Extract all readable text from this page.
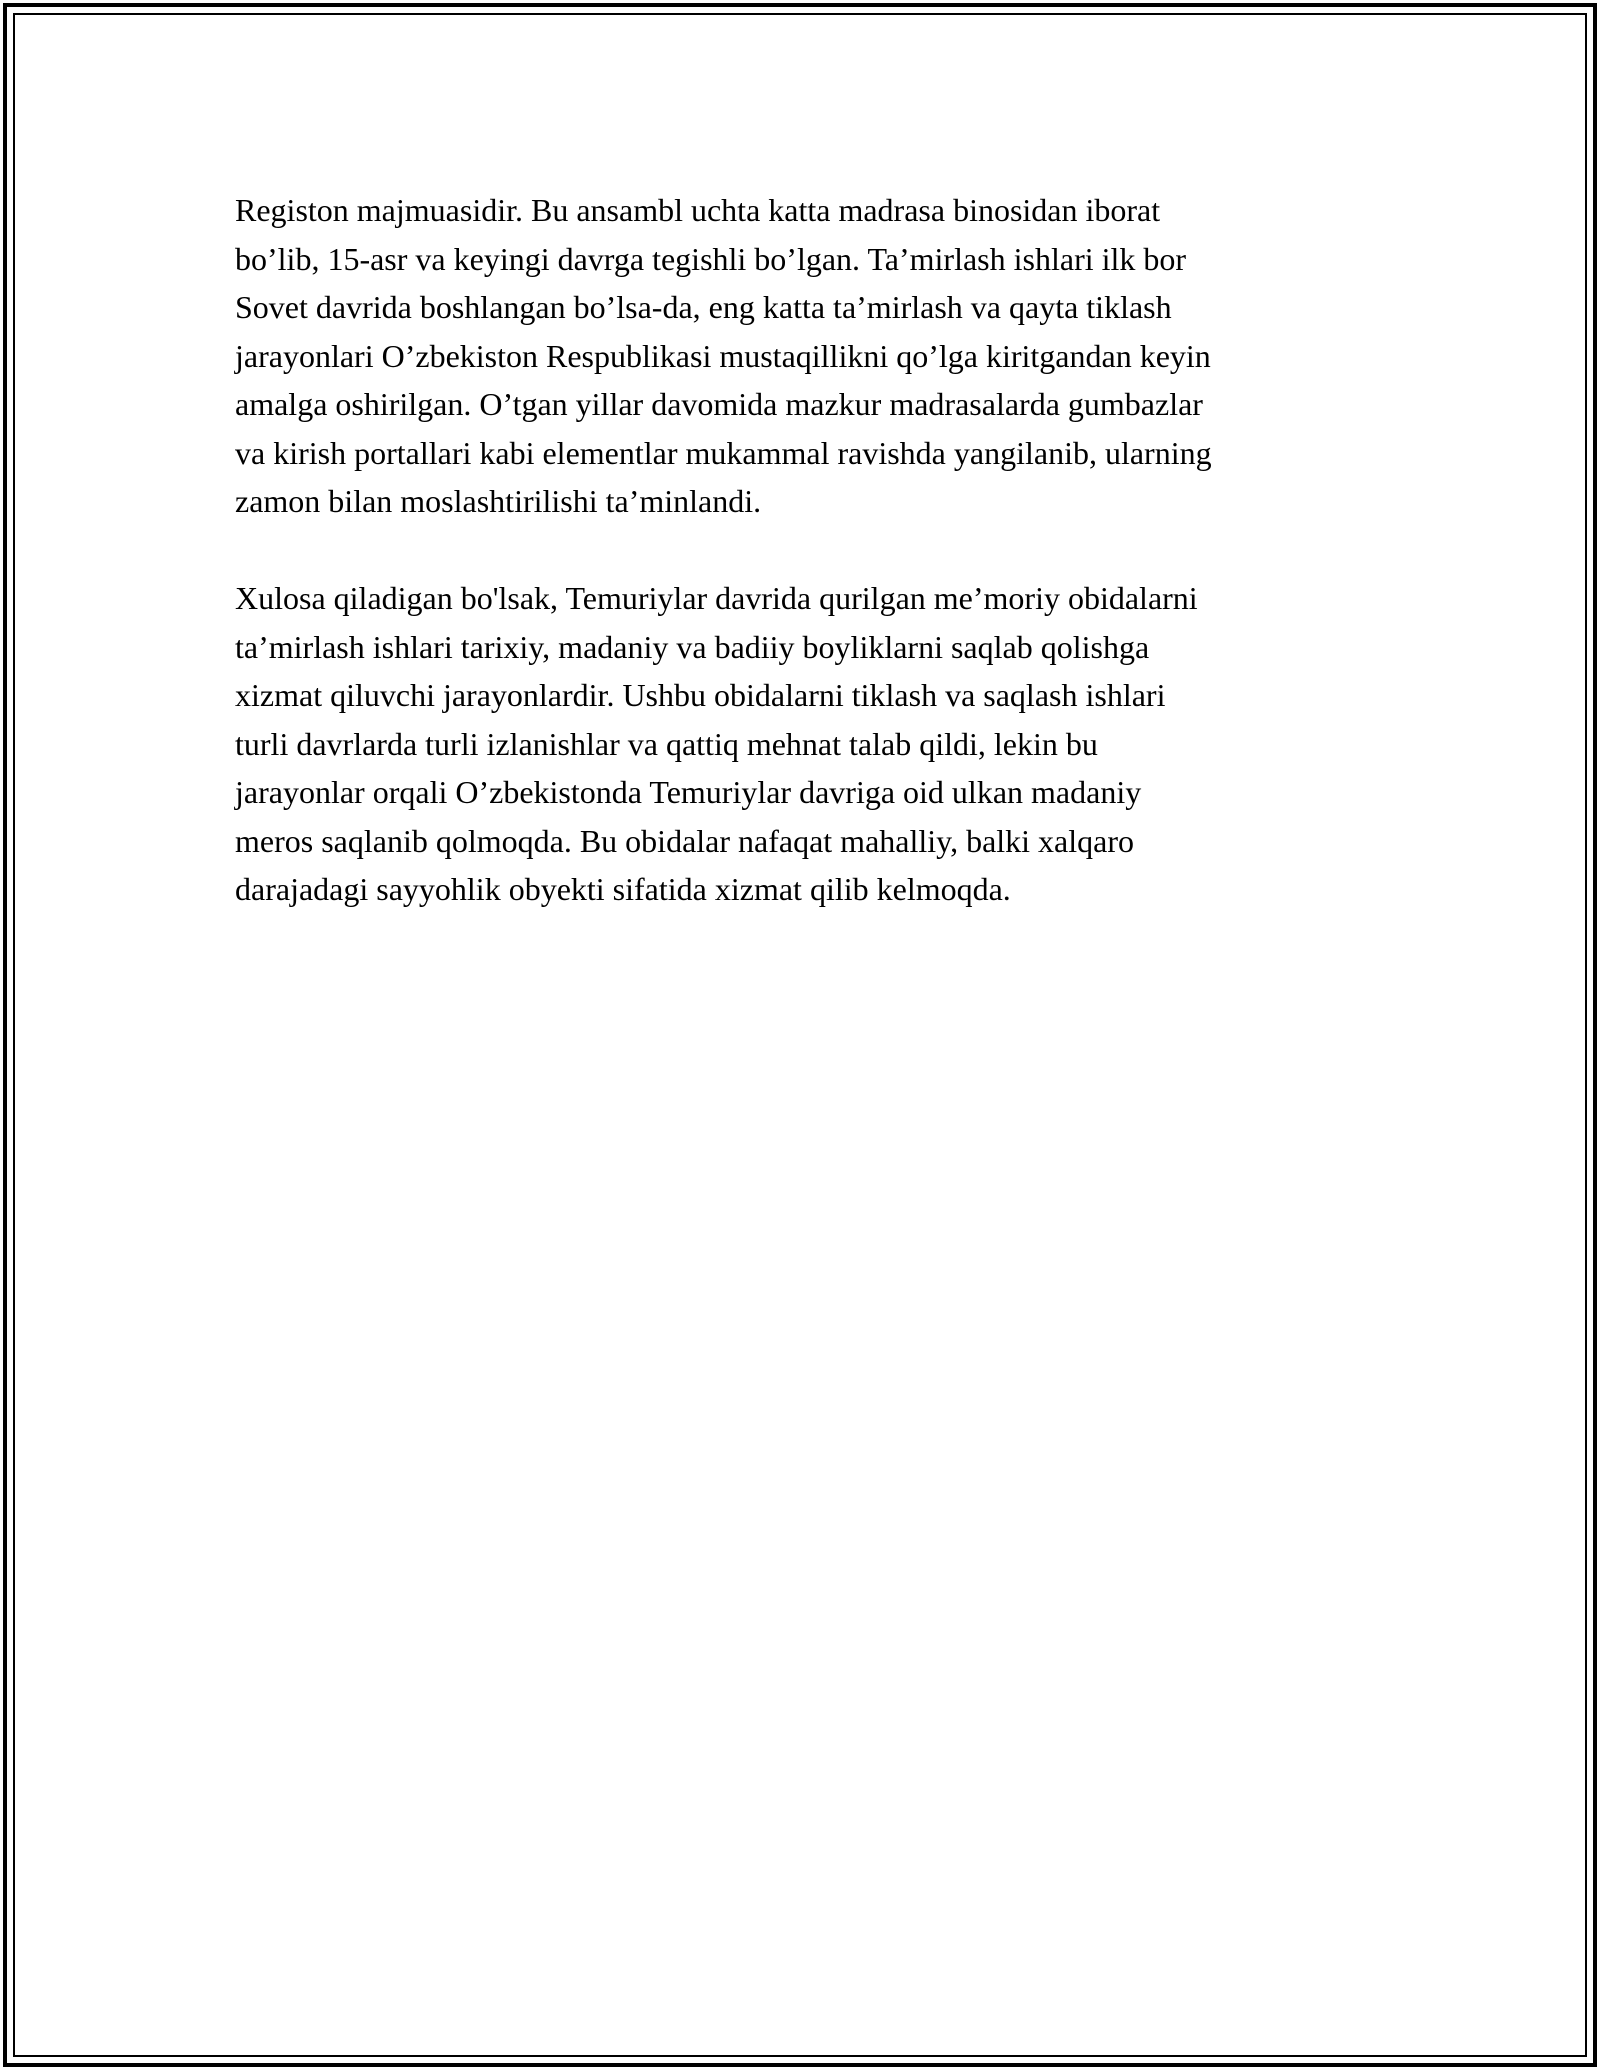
Registon majmuasidir. Bu ansambl uchta katta madrasa binosidan iborat
bo’lib, 15-asr va keyingi davrga tegishli bo’lgan. Ta’mirlash ishlari ilk bor
Sovet davrida boshlangan bo’lsa-da, eng katta ta’mirlash va qayta tiklash
jarayonlari O’zbekiston Respublikasi mustaqillikni qo’lga kiritgandan keyin
amalga oshirilgan. O’tgan yillar davomida mazkur madrasalarda gumbazlar
va kirish portallari kabi elementlar mukammal ravishda yangilanib, ularning
zamon bilan moslashtirilishi ta’minlandi.

Xulosa qiladigan bo'lsak, Temuriylar davrida qurilgan me’moriy obidalarni
ta’mirlash ishlari tarixiy, madaniy va badiiy boyliklarni saqlab qolishga
xizmat qiluvchi jarayonlardir. Ushbu obidalarni tiklash va saqlash ishlari
turli davrlarda turli izlanishlar va qattiq mehnat talab qildi, lekin bu
jarayonlar orqali O’zbekistonda Temuriylar davriga oid ulkan madaniy
meros saqlanib qolmoqda. Bu obidalar nafaqat mahalliy, balki xalqaro
darajadagi sayyohlik obyekti sifatida xizmat qilib kelmoqda.
